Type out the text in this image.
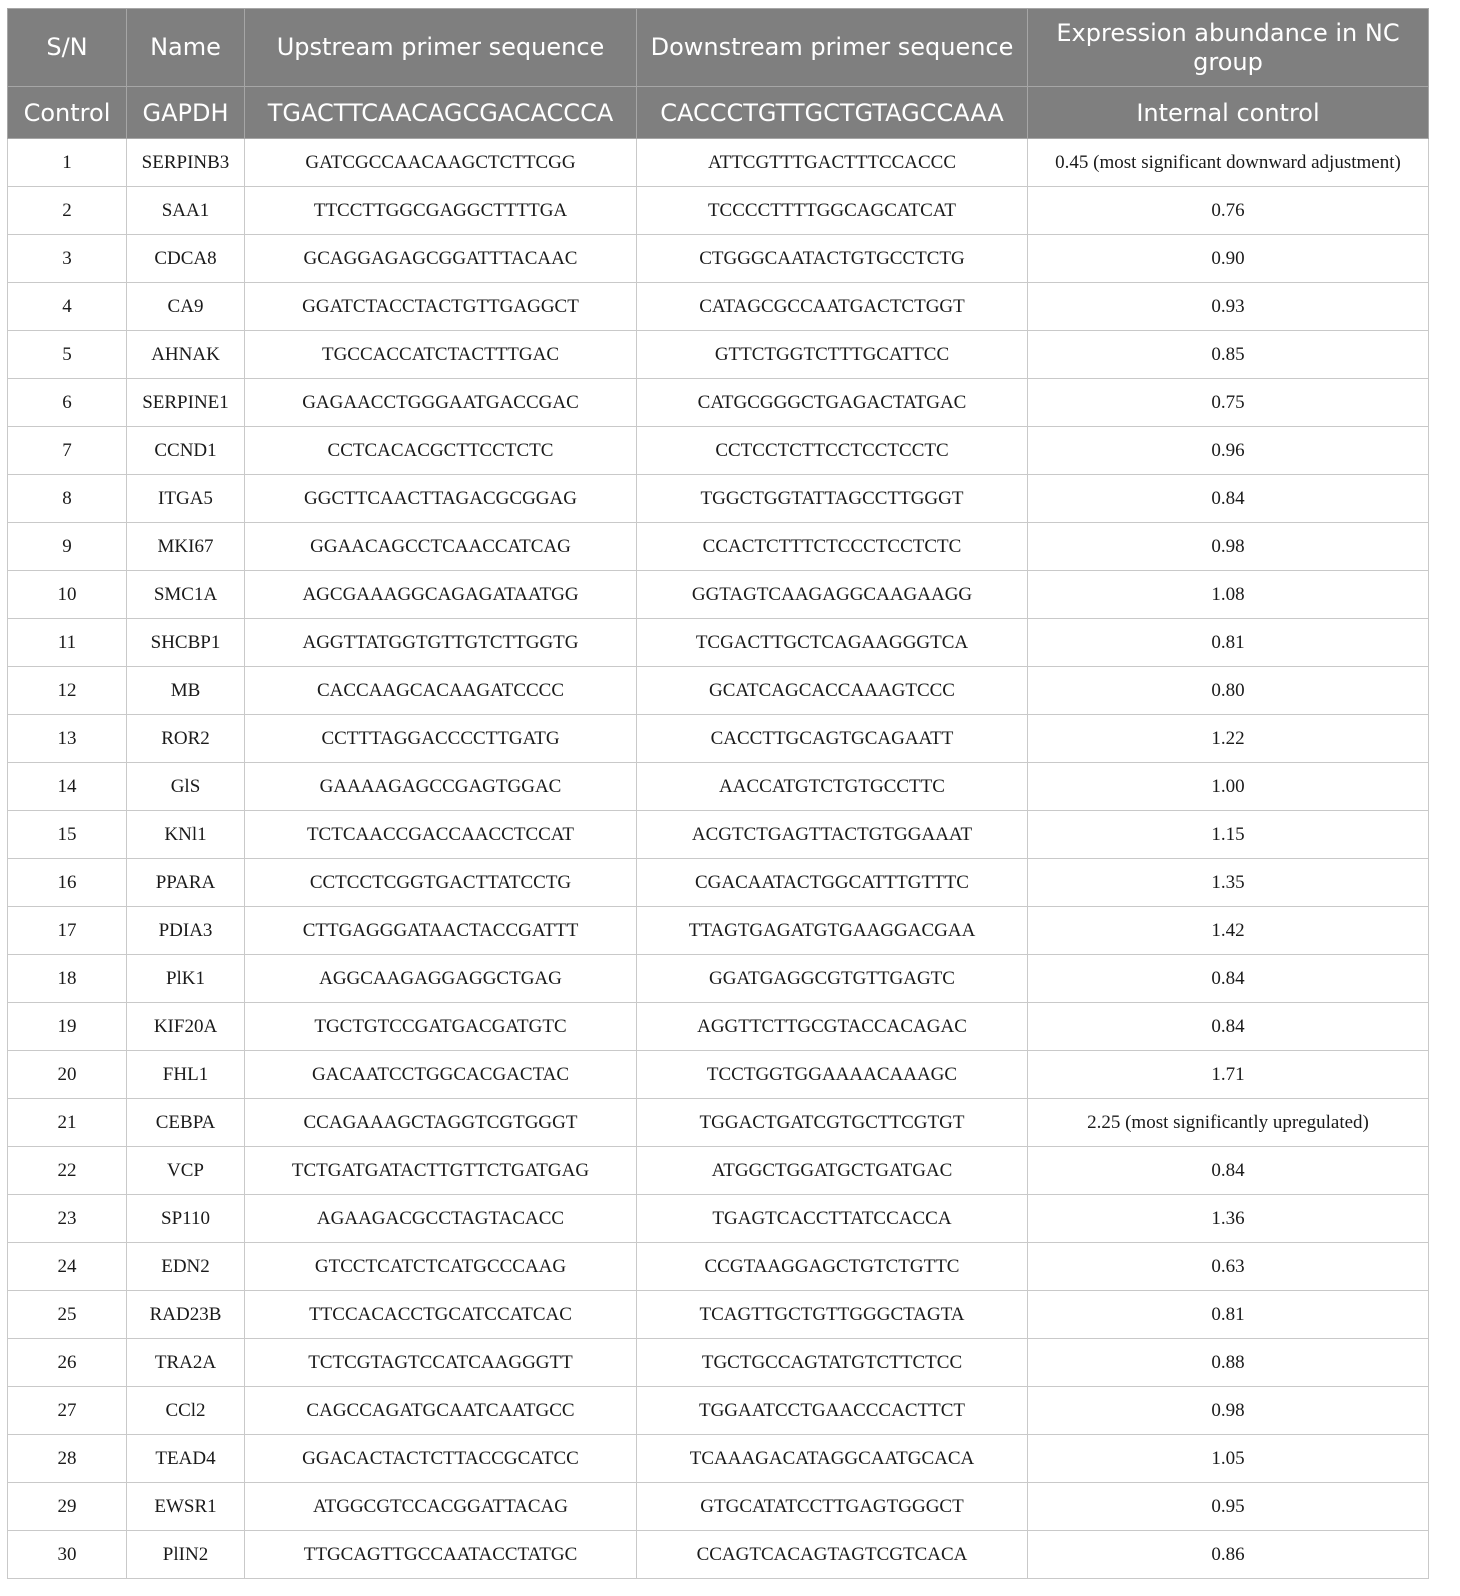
S/N	Name	Upstream primer sequence	Downstream primer sequence	Expression abundance in NC group
Control	GAPDH	TGACTTCAACAGCGACACCCA	CACCCTGTTGCTGTAGCCAAA	Internal control
1	SERPINB3	GATCGCCAACAAGCTCTTCGG	ATTCGTTTGACTTTCCACCC	0.45 (most significant downward adjustment)
2	SAA1	TTCCTTGGCGAGGCTTTTGA	TCCCCTTTTGGCAGCATCAT	0.76
3	CDCA8	GCAGGAGAGCGGATTTACAAC	CTGGGCAATACTGTGCCTCTG	0.90
4	CA9	GGATCTACCTACTGTTGAGGCT	CATAGCGCCAATGACTCTGGT	0.93
5	AHNAK	TGCCACCATCTACTTTGAC	GTTCTGGTCTTTGCATTCC	0.85
6	SERPINE1	GAGAACCTGGGAATGACCGAC	CATGCGGGCTGAGACTATGAC	0.75
7	CCND1	CCTCACACGCTTCCTCTC	CCTCCTCTTCCTCCTCCTC	0.96
8	ITGA5	GGCTTCAACTTAGACGCGGAG	TGGCTGGTATTAGCCTTGGGT	0.84
9	MKI67	GGAACAGCCTCAACCATCAG	CCACTCTTTCTCCCTCCTCTC	0.98
10	SMC1A	AGCGAAAGGCAGAGATAATGG	GGTAGTCAAGAGGCAAGAAGG	1.08
11	SHCBP1	AGGTTATGGTGTTGTCTTGGTG	TCGACTTGCTCAGAAGGGTCA	0.81
12	MB	CACCAAGCACAAGATCCCC	GCATCAGCACCAAAGTCCC	0.80
13	ROR2	CCTTTAGGACCCCTTGATG	CACCTTGCAGTGCAGAATT	1.22
14	GlS	GAAAAGAGCCGAGTGGAC	AACCATGTCTGTGCCTTC	1.00
15	KNl1	TCTCAACCGACCAACCTCCAT	ACGTCTGAGTTACTGTGGAAAT	1.15
16	PPARA	CCTCCTCGGTGACTTATCCTG	CGACAATACTGGCATTTGTTTC	1.35
17	PDIA3	CTTGAGGGATAACTACCGATTT	TTAGTGAGATGTGAAGGACGAA	1.42
18	PlK1	AGGCAAGAGGAGGCTGAG	GGATGAGGCGTGTTGAGTC	0.84
19	KIF20A	TGCTGTCCGATGACGATGTC	AGGTTCTTGCGTACCACAGAC	0.84
20	FHL1	GACAATCCTGGCACGACTAC	TCCTGGTGGAAAACAAAGC	1.71
21	CEBPA	CCAGAAAGCTAGGTCGTGGGT	TGGACTGATCGTGCTTCGTGT	2.25 (most significantly upregulated)
22	VCP	TCTGATGATACTTGTTCTGATGAG	ATGGCTGGATGCTGATGAC	0.84
23	SP110	AGAAGACGCCTAGTACACC	TGAGTCACCTTATCCACCA	1.36
24	EDN2	GTCCTCATCTCATGCCCAAG	CCGTAAGGAGCTGTCTGTTC	0.63
25	RAD23B	TTCCACACCTGCATCCATCAC	TCAGTTGCTGTTGGGCTAGTA	0.81
26	TRA2A	TCTCGTAGTCCATCAAGGGTT	TGCTGCCAGTATGTCTTCTCC	0.88
27	CCl2	CAGCCAGATGCAATCAATGCC	TGGAATCCTGAACCCACTTCT	0.98
28	TEAD4	GGACACTACTCTTACCGCATCC	TCAAAGACATAGGCAATGCACA	1.05
29	EWSR1	ATGGCGTCCACGGATTACAG	GTGCATATCCTTGAGTGGGCT	0.95
30	PlIN2	TTGCAGTTGCCAATACCTATGC	CCAGTCACAGTAGTCGTCACA	0.86
